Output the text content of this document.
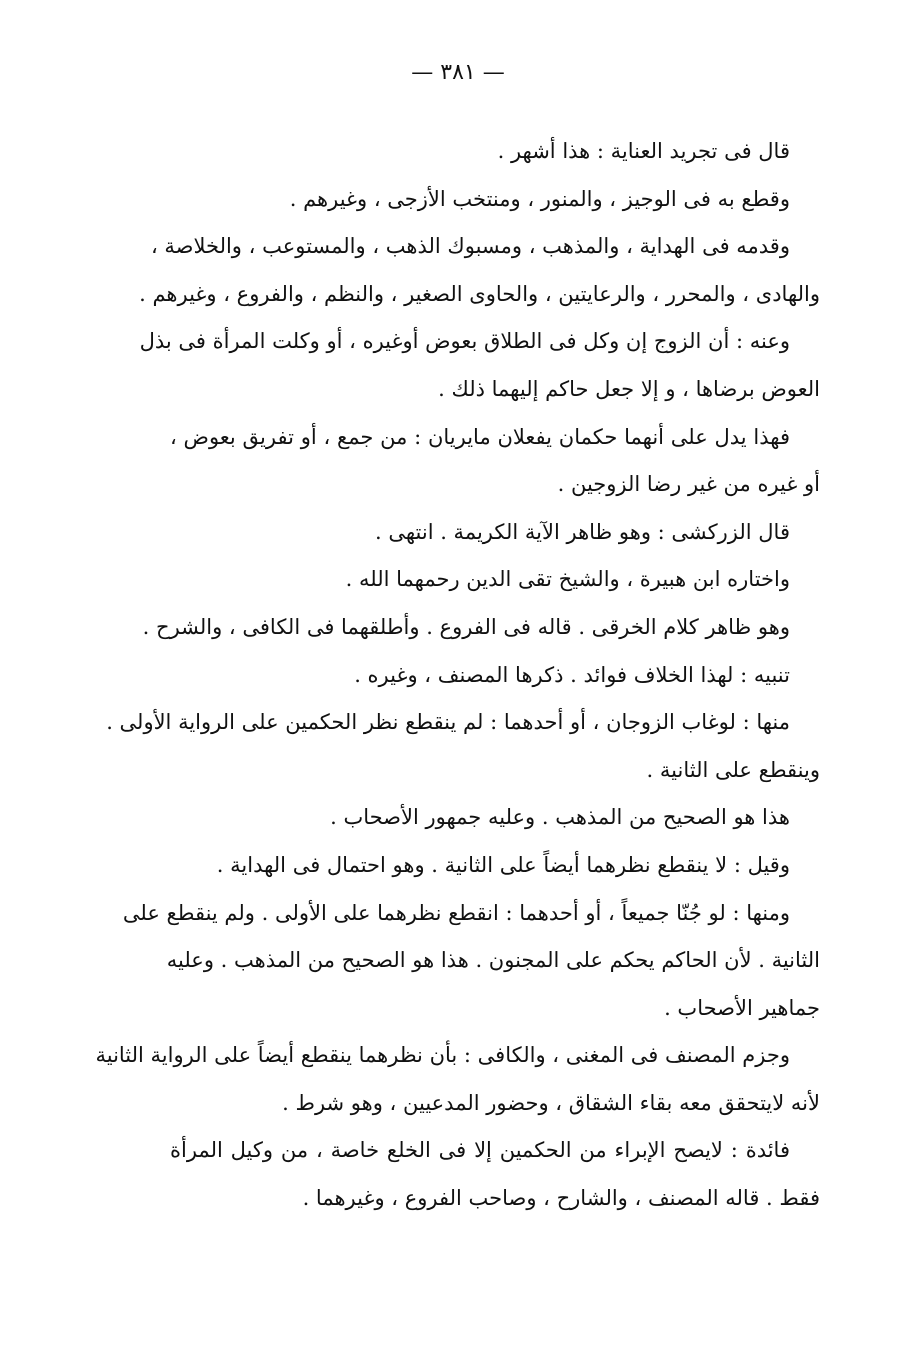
— ٣٨١ —
قال فى تجريد العناية : هذا أشهر .
وقطع به فى الوجيز ، والمنور ، ومنتخب الأزجى ، وغيرهم .
وقدمه فى الهداية ، والمذهب ، ومسبوك الذهب ، والمستوعب ، والخلاصة ،
والهادى ، والمحرر ، والرعايتين ، والحاوى الصغير ، والنظم ، والفروع ، وغيرهم .
وعنه : أن الزوج إن وكل فى الطلاق بعوض أوغيره ، أو وكلت المرأة فى بذل
العوض برضاها ، و إلا جعل حاكم إليهما ذلك .
فهذا يدل على أنهما حكمان يفعلان مايريان : من جمع ، أو تفريق بعوض ،
أو غيره من غير رضا الزوجين .
قال الزركشى : وهو ظاهر الآية الكريمة . انتهى .
واختاره ابن هبيرة ، والشيخ تقى الدين رحمهما الله .
وهو ظاهر كلام الخرقى . قاله فى الفروع . وأطلقهما فى الكافى ، والشرح .
تنبيه : لهذا الخلاف فوائد . ذكرها المصنف ، وغيره .
منها : لوغاب الزوجان ، أو أحدهما : لم ينقطع نظر الحكمين على الرواية الأولى .
وينقطع على الثانية .
هذا هو الصحيح من المذهب . وعليه جمهور الأصحاب .
وقيل : لا ينقطع نظرهما أيضاً على الثانية . وهو احتمال فى الهداية .
ومنها : لو جُنّا جميعاً ، أو أحدهما : انقطع نظرهما على الأولى . ولم ينقطع على
الثانية . لأن الحاكم يحكم على المجنون . هذا هو الصحيح من المذهب . وعليه
جماهير الأصحاب .
وجزم المصنف فى المغنى ، والكافى : بأن نظرهما ينقطع أيضاً على الرواية الثانية
لأنه لايتحقق معه بقاء الشقاق ، وحضور المدعيين ، وهو شرط .
فائدة : لايصح الإبراء من الحكمين إلا فى الخلع خاصة ، من وكيل المرأة
فقط . قاله المصنف ، والشارح ، وصاحب الفروع ، وغيرهما .
